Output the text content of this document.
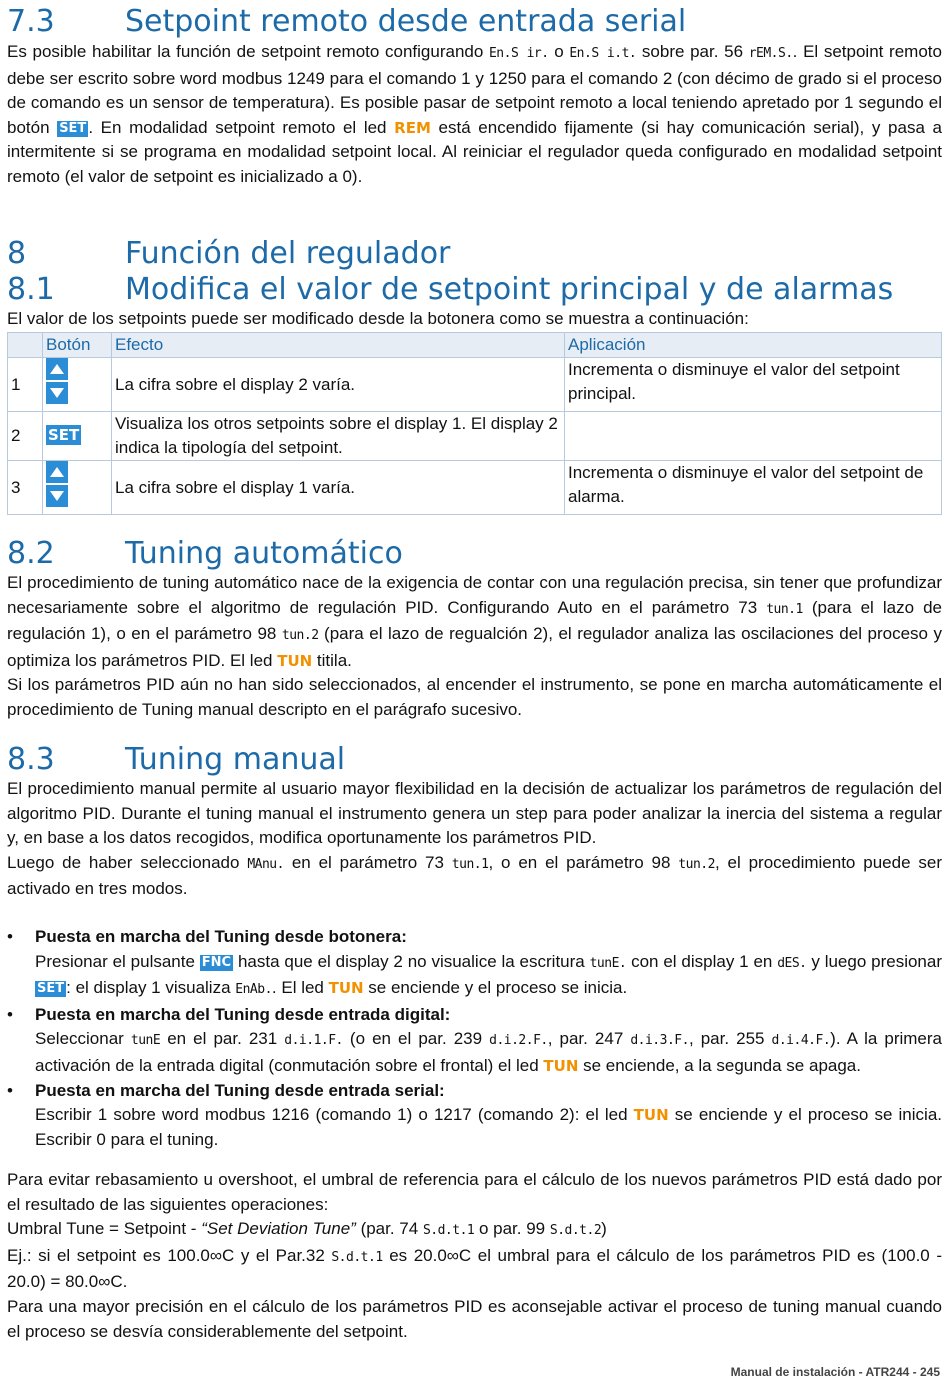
7.3 Setpoint remoto desde entrada serial
Es posible habilitar la función de setpoint remoto configurando En.S ir. o En.S i.t. sobre par. 56 rEM.S.. El setpoint remoto debe ser escrito sobre word modbus 1249 para el comando 1 y 1250 para el comando 2 (con décimo de grado si el proceso de comando es un sensor de temperatura). Es posible pasar de setpoint remoto a local teniendo apretado por 1 segundo el botón SET . En modalidad setpoint remoto el led REM está encendido fijamente (si hay comunicación serial), y pasa a intermitente si se programa en modalidad setpoint local. Al reiniciar el regulador queda configurado en modalidad setpoint remoto (el valor de setpoint es inicializado a 0).
8	Función del regulador
8.1 Modifica el valor de setpoint principal y de alarmas
El valor de los setpoints puede ser modificado desde la botonera como se muestra a continuación:
	Botón	Efecto	Aplicación
1		La cifra sobre el display 2 varía.	Incrementa o disminuye el valor del setpoint principal.
2	SET	Visualiza los otros setpoints sobre el display 1. El display 2 indica la tipología del setpoint.	
3		La cifra sobre el display 1 varía.	Incrementa o disminuye el valor del setpoint de alarma.
8.2 Tuning automático
El procedimiento de tuning automático nace de la exigencia de contar con una regulación precisa, sin tener que profundizar necesariamente sobre el algoritmo de regulación PID. Configurando Auto en el parámetro 73 tun.1 (para el lazo de regulación 1), o en el parámetro 98 tun.2 (para el lazo de regualción 2), el regulador analiza las oscilaciones del proceso y optimiza los parámetros PID. El led TUN titila.
Si los parámetros PID aún no han sido seleccionados, al encender el instrumento, se pone en marcha automáticamente el procedimiento de Tuning manual descripto en el parágrafo sucesivo.
8.3 Tuning manual
El procedimiento manual permite al usuario mayor flexibilidad en la decisión de actualizar los parámetros de regulación del algoritmo PID. Durante el tuning manual el instrumento genera un step para poder analizar la inercia del sistema a regular y, en base a los datos recogidos, modifica oportunamente los parámetros PID.
Luego de haber seleccionado MAnu. en el parámetro 73 tun.1, o en el parámetro 98 tun.2, el procedimiento puede ser activado en tres modos.
•	Puesta en marcha del Tuning desde botonera:
Presionar el pulsante FNC hasta que el display 2 no visualice la escritura tunE. con el display 1 en dES. y luego presionar SET : el display 1 visualiza EnAb.. El led TUN se enciende y el proceso se inicia.
•	Puesta en marcha del Tuning desde entrada digital:
Seleccionar tunE en el par. 231 d.i.1.F. (o en el par. 239 d.i.2.F., par. 247 d.i.3.F., par. 255 d.i.4.F.). A la primera activación de la entrada digital (conmutación sobre el frontal) el led TUN se enciende, a la segunda se apaga.
•	Puesta en marcha del Tuning desde entrada serial:
Escribir 1 sobre word modbus 1216 (comando 1) o 1217 (comando 2): el led TUN se enciende y el proceso se inicia. Escribir 0 para el tuning.
Para evitar rebasamiento u overshoot, el umbral de referencia para el cálculo de los nuevos parámetros PID está dado por el resultado de las siguientes operaciones:
Umbral Tune = Setpoint - “Set Deviation Tune” (par. 74 S.d.t.1 o par. 99 S.d.t.2)
Ej.: si el setpoint es 100.0∞C y el Par.32 S.d.t.1 es 20.0∞C el umbral para el cálculo de los parámetros PID es (100.0 - 20.0) = 80.0∞C.
Para una mayor precisión en el cálculo de los parámetros PID es aconsejable activar el proceso de tuning manual cuando el proceso se desvía considerablemente del setpoint.
Manual de instalación - ATR244 - 245
